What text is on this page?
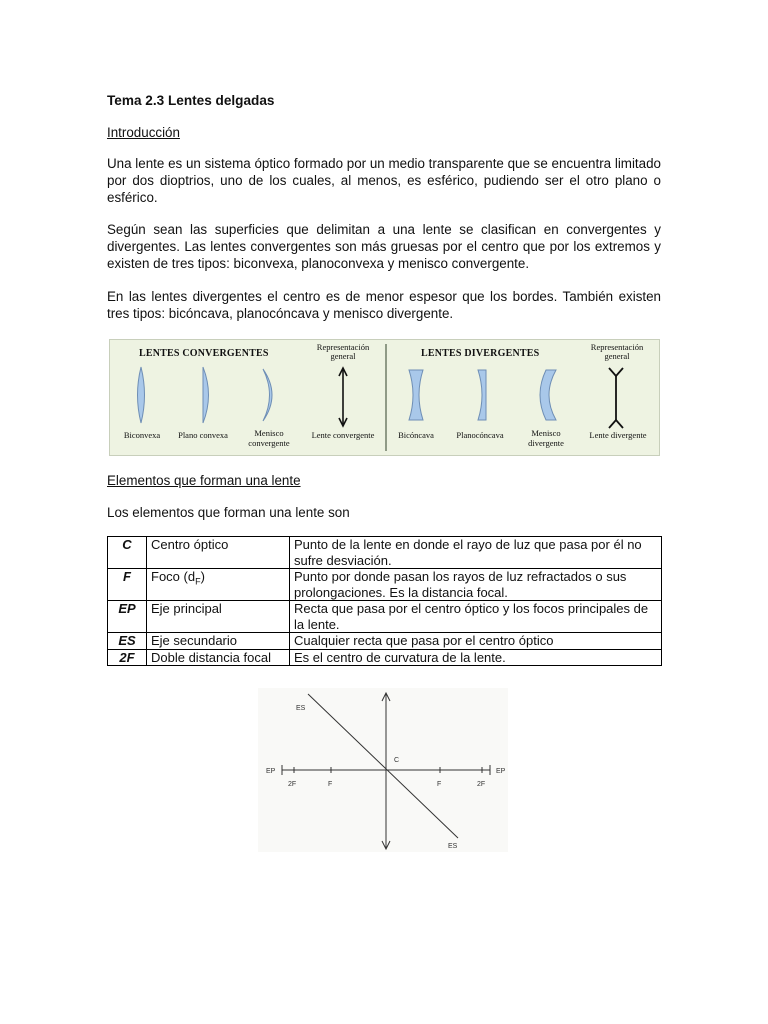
Tema 2.3 Lentes delgadas
Introducción

Una lente es un sistema óptico formado por un medio transparente que se encuentra limitado por dos dioptrios, uno de los cuales, al menos, es esférico, pudiendo ser el otro plano o esférico.

Según sean las superficies que delimitan a una lente se clasifican en convergentes y divergentes. Las lentes convergentes son más gruesas por el centro que por los extremos y existen de tres tipos: biconvexa, planoconvexa y menisco convergente.

En las lentes divergentes el centro es de menor espesor que los bordes. También existen tres tipos: bicóncava, planocóncava y menisco divergente.

LENTES CONVERGENTES	LENTES DIVERGENTES
Representación
general
Representación
general
Biconvexa	Plano convexa	Menisco
convergente
Lente convergente	Bicóncava	Planocóncava	Menisco
divergente
Lente divergente
Elementos que forman una lente
Los elementos que forman una lente son
C	Centro óptico	Punto de la lente en donde el rayo de luz que pasa por él no sufre desviación.
F	Foco $(d_F)$	Punto por donde pasan los rayos de luz refractados o sus prolongaciones. Es la distancia focal.
EP	Eje principal	Recta que pasa por el centro óptico y los focos principales de la lente.
ES	Eje secundario	Cualquier recta que pasa por el centro óptico
2F	Doble distancia focal	Es el centro de curvatura de la lente.
ES
C
EP	EP
2F	F	F	2F
ES
